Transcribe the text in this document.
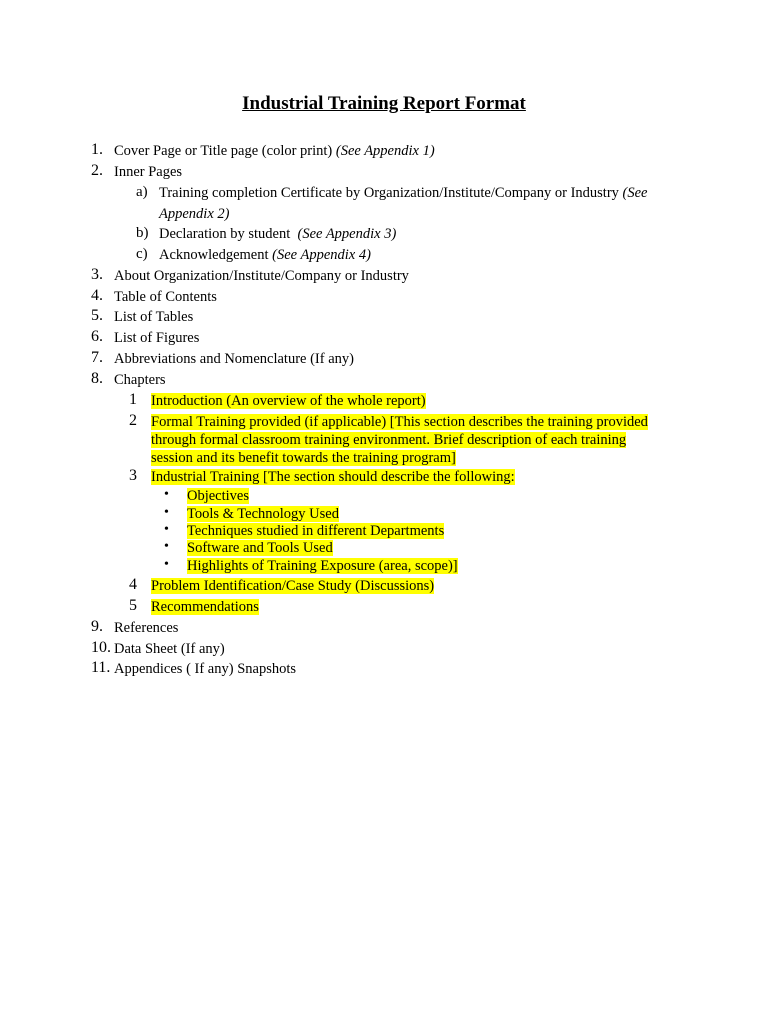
Industrial Training Report Format
1. Cover Page or Title page (color print) (See Appendix 1)
2. Inner Pages
a) Training completion Certificate by Organization/Institute/Company or Industry (See
Appendix 2)
b) Declaration by student  (See Appendix 3)
c) Acknowledgement (See Appendix 4)
3. About Organization/Institute/Company or Industry
4. Table of Contents
5. List of Tables
6. List of Figures
7. Abbreviations and Nomenclature (If any)
8. Chapters
1 Introduction (An overview of the whole report)
2 Formal Training provided (if applicable) [This section describes the training provided
through formal classroom training environment. Brief description of each training
session and its benefit towards the training program]
3 Industrial Training [The section should describe the following:
• Objectives
• Tools & Technology Used
• Techniques studied in different Departments
• Software and Tools Used
• Highlights of Training Exposure (area, scope)]
4 Problem Identification/Case Study (Discussions)
5 Recommendations
9. References
10. Data Sheet (If any)
11. Appendices ( If any) Snapshots
